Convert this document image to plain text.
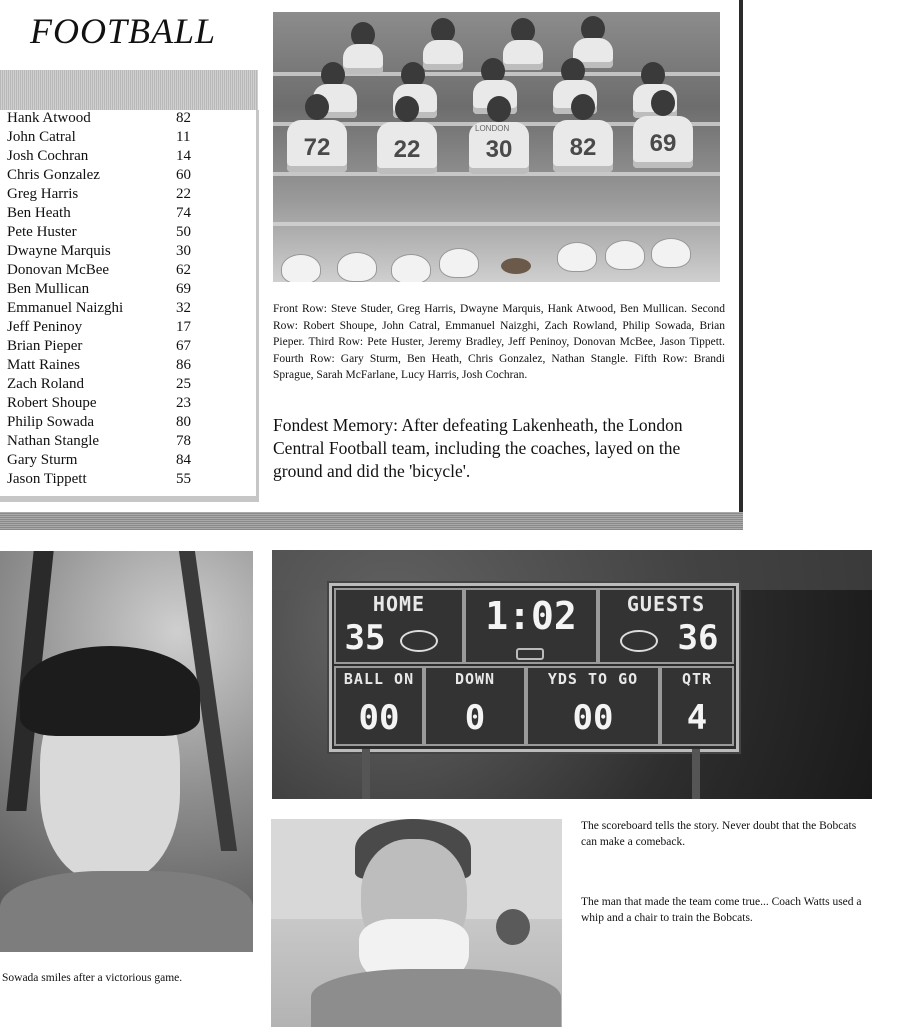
FOOTBALL
Hank Atwood	82
John Catral	11
Josh Cochran	14
Chris Gonzalez	60
Greg Harris	22
Ben Heath	74
Pete Huster	50
Dwayne Marquis	30
Donovan McBee	62
Ben Mullican	69
Emmanuel Naizghi	32
Jeff Peninoy	17
Brian Pieper	67
Matt Raines	86
Zach Roland	25
Robert Shoupe	23
Philip Sowada	80
Nathan Stangle	78
Gary Sturm	84
Jason Tippett	55
72	22	30
LONDON
82	69
Front Row: Steve Studer, Greg Harris, Dwayne Marquis, Hank Atwood, Ben Mullican. Second Row: Robert Shoupe, John Catral, Emmanuel Naizghi, Zach Rowland, Philip Sowada, Brian Pieper. Third Row: Pete Huster, Jeremy Bradley, Jeff Peninoy, Donovan McBee, Jason Tippett. Fourth Row: Gary Sturm, Ben Heath, Chris Gonzalez, Nathan Stangle. Fifth Row: Brandi Sprague, Sarah McFarlane, Lucy Harris, Josh Cochran.
Fondest Memory: After defeating Lakenheath, the London Central Football team, including the coaches, layed on the ground and did the 'bicycle'.
Sowada smiles after a victorious game.
HOME
35	1:02	GUESTS
36
BALL ON
00
DOWN
0
YDS TO GO
00
QTR
4
The scoreboard tells the story. Never doubt that the Bobcats can make a comeback.
The man that made the team come true... Coach Watts used a whip and a chair to train the Bobcats.
